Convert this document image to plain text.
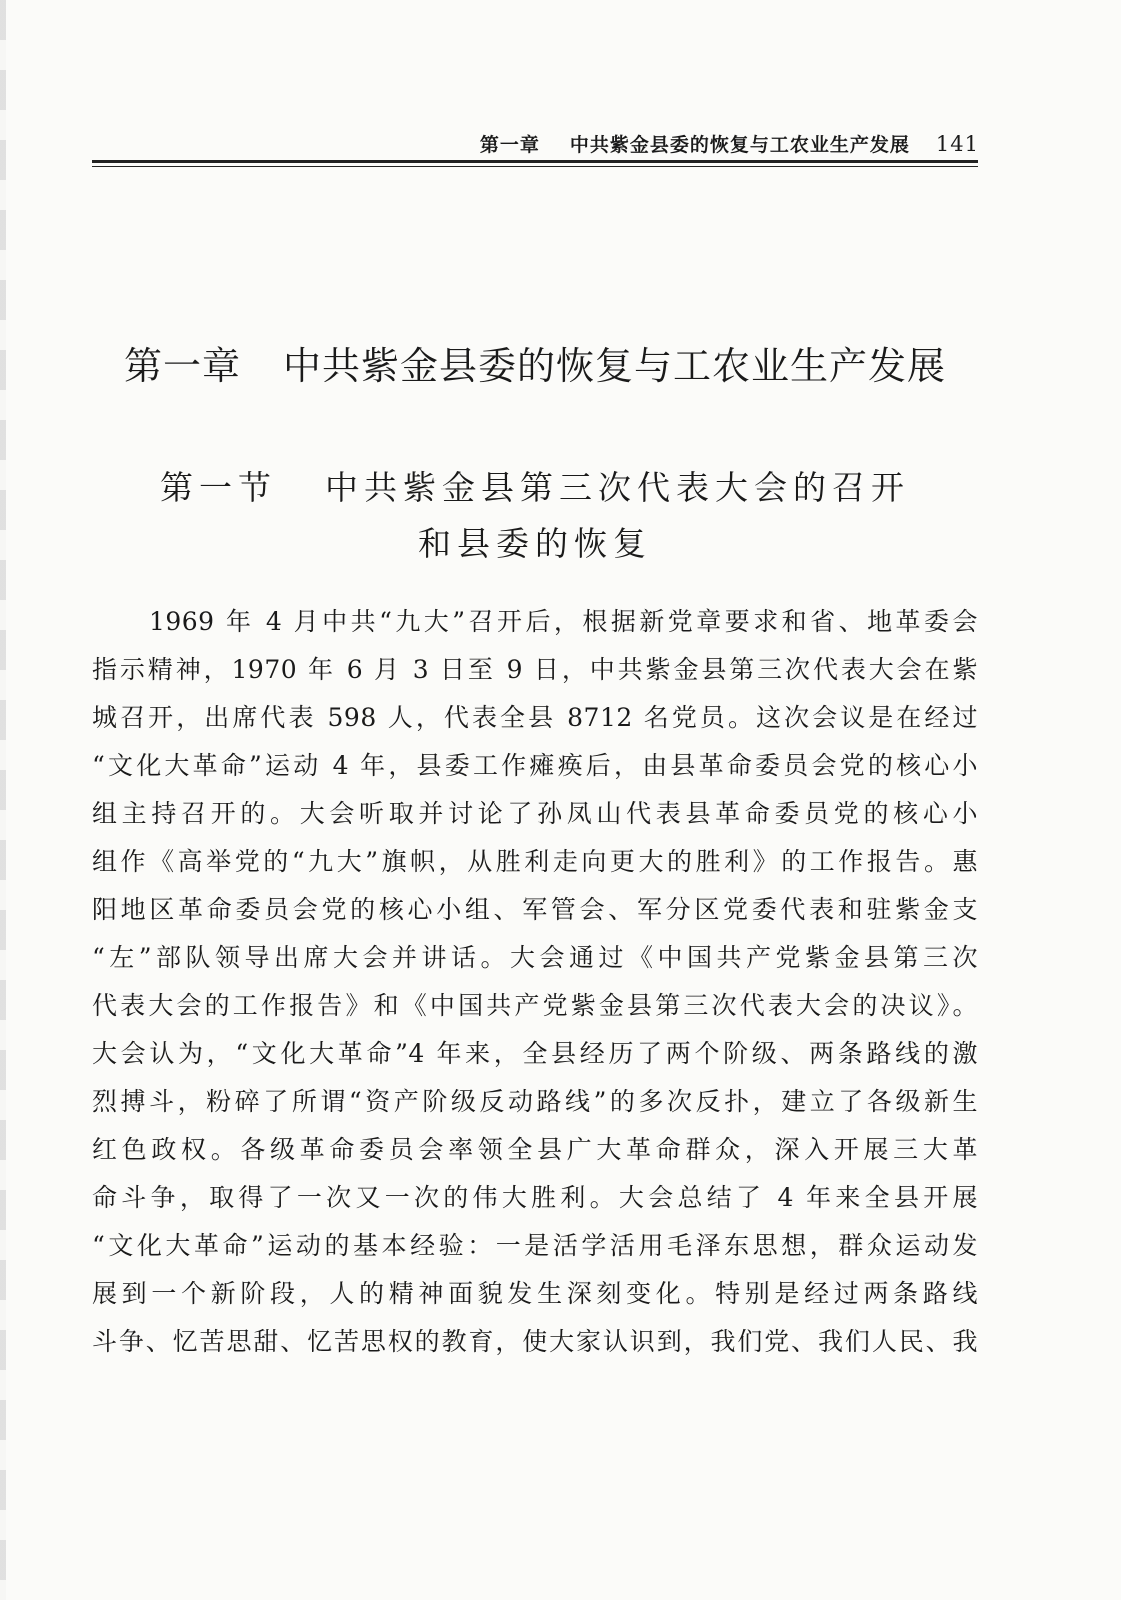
第一章 中共紫金县委的恢复与工农业生产发展 141
第一章 中共紫金县委的恢复与工农业生产发展
第一节 中共紫金县第三次代表大会的召开
和县委的恢复
　　1969 年 4 月中共“九大”召开后，根据新党章要求和省、地革委会
指示精神，1970 年 6 月 3 日至 9 日，中共紫金县第三次代表大会在紫
城召开，出席代表 598 人，代表全县 8712 名党员。这次会议是在经过
“文化大革命”运动 4 年，县委工作瘫痪后，由县革命委员会党的核心小
组主持召开的。大会听取并讨论了孙凤山代表县革命委员党的核心小
组作《高举党的“九大”旗帜，从胜利走向更大的胜利》的工作报告。惠
阳地区革命委员会党的核心小组、军管会、军分区党委代表和驻紫金支
“左”部队领导出席大会并讲话。大会通过《中国共产党紫金县第三次
代表大会的工作报告》和《中国共产党紫金县第三次代表大会的决议》。
大会认为，“文化大革命”4 年来，全县经历了两个阶级、两条路线的激
烈搏斗，粉碎了所谓“资产阶级反动路线”的多次反扑，建立了各级新生
红色政权。各级革命委员会率领全县广大革命群众，深入开展三大革
命斗争，取得了一次又一次的伟大胜利。大会总结了 4 年来全县开展
“文化大革命”运动的基本经验：一是活学活用毛泽东思想，群众运动发
展到一个新阶段，人的精神面貌发生深刻变化。特别是经过两条路线
斗争、忆苦思甜、忆苦思权的教育，使大家认识到，我们党、我们人民、我
